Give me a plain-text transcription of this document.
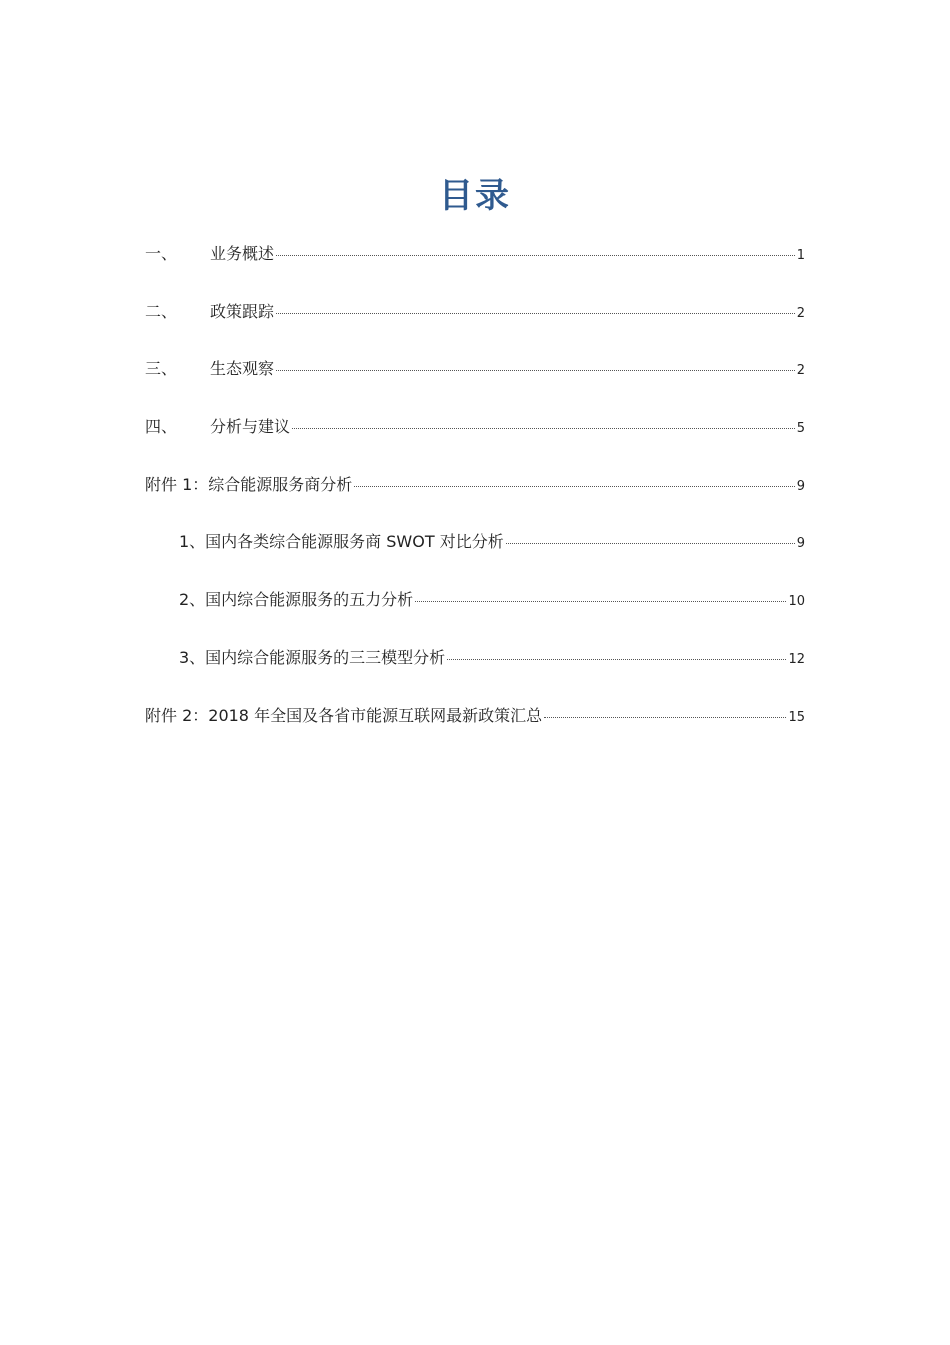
目录
一、	业务概述	1
二、	政策跟踪	2
三、	生态观察	2
四、	分析与建议	5
附件 1：综合能源服务商分析	9
1、国内各类综合能源服务商 SWOT 对比分析	9
2、国内综合能源服务的五力分析	10
3、国内综合能源服务的三三模型分析	12
附件 2：2018 年全国及各省市能源互联网最新政策汇总	15
